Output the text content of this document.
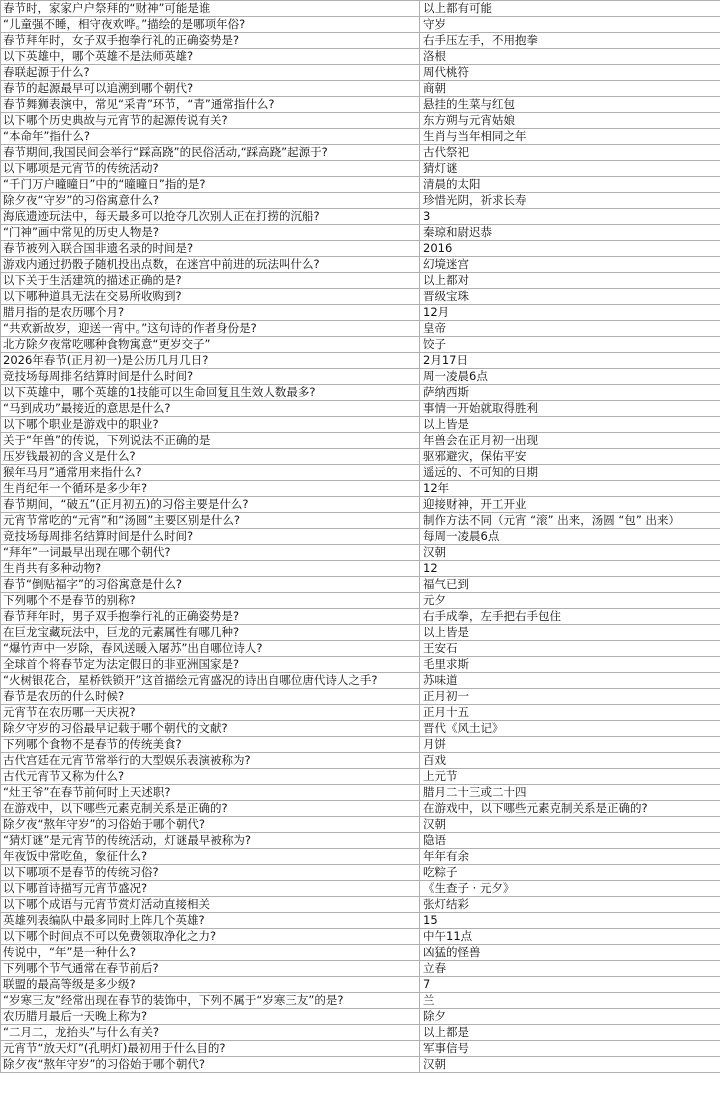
春节时，家家户户祭拜的“财神”可能是谁	以上都有可能
“儿童强不睡，相守夜欢哗。”描绘的是哪项年俗?	守岁
春节拜年时，女子双手抱拳行礼的正确姿势是?	右手压左手，不用抱拳
以下英雄中，哪个英雄不是法师英雄?	洛根
春联起源于什么?	周代桃符
春节的起源最早可以追溯到哪个朝代?	商朝
春节舞狮表演中，常见“采青”环节，“青”通常指什么?	悬挂的生菜与红包
以下哪个历史典故与元宵节的起源传说有关?	东方朔与元宵姑娘
“本命年”指什么?	生肖与当年相同之年
春节期间,我国民间会举行“踩高跷”的民俗活动,“踩高跷”起源于?	古代祭祀
以下哪项是元宵节的传统活动?	猜灯谜
“千门万户曈曈日”中的“曈曈日”指的是?	清晨的太阳
除夕夜“守岁”的习俗寓意什么?	珍惜光阴，祈求长寿
海底遗迹玩法中，每天最多可以抢夺几次别人正在打捞的沉船?	3
“门神”画中常见的历史人物是?	秦琼和尉迟恭
春节被列入联合国非遗名录的时间是?	2016
游戏内通过扔骰子随机投出点数，在迷宫中前进的玩法叫什么?	幻境迷宫
以下关于生活建筑的描述正确的是?	以上都对
以下哪种道具无法在交易所收购到?	晋级宝珠
腊月指的是农历哪个月?	12月
“共欢新故岁，迎送一宵中。”这句诗的作者身份是?	皇帝
北方除夕夜常吃哪种食物寓意“更岁交子”	饺子
2026年春节(正月初一)是公历几月几日?	2月17日
竞技场每周排名结算时间是什么时间?	周一凌晨6点
以下英雄中，哪个英雄的1技能可以生命回复且生效人数最多?	萨纳西斯
“马到成功”最接近的意思是什么?	事情一开始就取得胜利
以下哪个职业是游戏中的职业?	以上皆是
关于“年兽”的传说，下列说法不正确的是	年兽会在正月初一出现
压岁钱最初的含义是什么?	驱邪避灾，保佑平安
猴年马月”通常用来指什么?	遥远的、不可知的日期
生肖纪年一个循环是多少年?	12年
春节期间，“破五”(正月初五)的习俗主要是什么?	迎接财神，开工开业
元宵节常吃的“元宵”和“汤圆”主要区别是什么?	制作方法不同（元宵 “滚” 出来，汤圆 “包” 出来）
竞技场每周排名结算时间是什么时间?	每周一凌晨6点
“拜年”一词最早出现在哪个朝代?	汉朝
生肖共有多种动物?	12
春节“倒贴福字”的习俗寓意是什么?	福气已到
下列哪个不是春节的别称?	元夕
春节拜年时，男子双手抱拳行礼的正确姿势是?	右手成拳，左手把右手包住
在巨龙宝藏玩法中，巨龙的元素属性有哪几种?	以上皆是
“爆竹声中一岁除，春风送暖入屠苏”出自哪位诗人?	王安石
全球首个将春节定为法定假日的非亚洲国家是?	毛里求斯
“火树银花合，星桥铁锁开”这首描绘元宵盛况的诗出自哪位唐代诗人之手?	苏味道
春节是农历的什么时候?	正月初一
元宵节在农历哪一天庆祝?	正月十五
除夕守岁的习俗最早记载于哪个朝代的文献?	晋代《风土记》
下列哪个食物不是春节的传统美食?	月饼
古代宫廷在元宵节常举行的大型娱乐表演被称为?	百戏
古代元宵节又称为什么?	上元节
“灶王爷”在春节前何时上天述职?	腊月二十三或二十四
在游戏中，以下哪些元素克制关系是正确的?	在游戏中，以下哪些元素克制关系是正确的?
除夕夜“熬年守岁”的习俗始于哪个朝代?	汉朝
“猜灯谜”是元宵节的传统活动，灯谜最早被称为?	隐语
年夜饭中常吃鱼，象征什么?	年年有余
以下哪项不是春节的传统习俗?	吃粽子
以下哪首诗描写元宵节盛况?	《生查子 · 元夕》
以下哪个成语与元宵节赏灯活动直接相关	张灯结彩
英雄列表编队中最多同时上阵几个英雄?	15
以下哪个时间点不可以免费领取净化之力?	中午11点
传说中，“年”是一种什么?	凶猛的怪兽
下列哪个节气通常在春节前后?	立春
联盟的最高等级是多少级?	7
“岁寒三友”经常出现在春节的装饰中，下列不属于“岁寒三友”的是?	兰
农历腊月最后一天晚上称为?	除夕
“二月二，龙抬头”与什么有关?	以上都是
元宵节“放天灯”(孔明灯)最初用于什么目的?	军事信号
除夕夜“熬年守岁”的习俗始于哪个朝代?	汉朝
